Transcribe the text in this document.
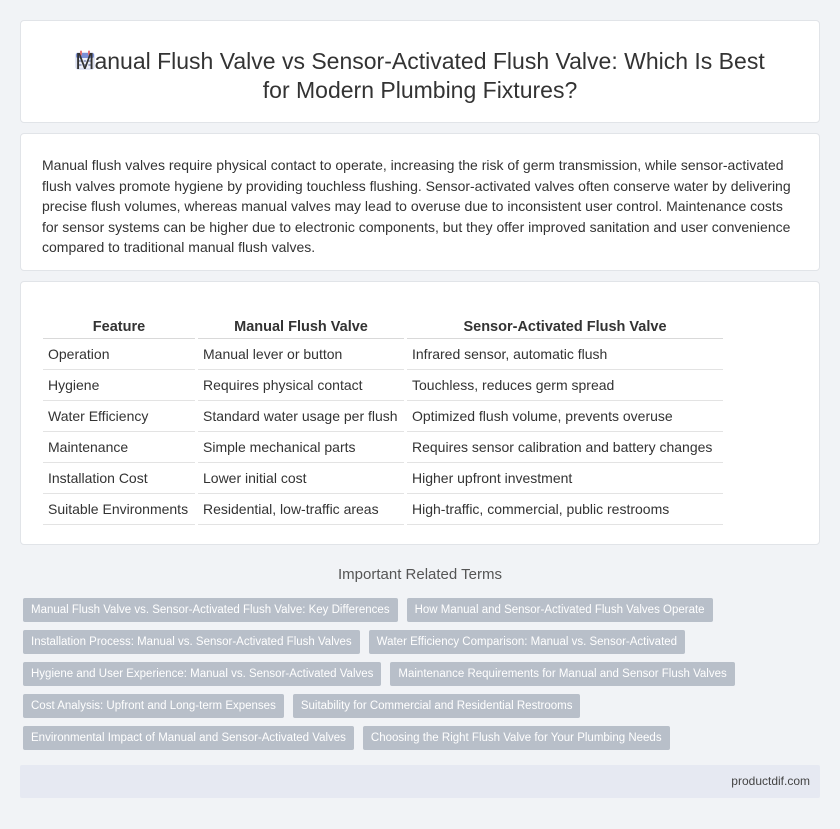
Manual Flush Valve vs Sensor-Activated Flush Valve: Which Is Best for Modern Plumbing Fixtures?

Manual flush valves require physical contact to operate, increasing the risk of germ transmission, while sensor-activated flush valves promote hygiene by providing touchless flushing. Sensor-activated valves often conserve water by delivering precise flush volumes, whereas manual valves may lead to overuse due to inconsistent user control. Maintenance costs for sensor systems can be higher due to electronic components, but they offer improved sanitation and user convenience compared to traditional manual flush valves.

Feature		Manual Flush Valve		Sensor-Activated Flush Valve
Operation		Manual lever or button		Infrared sensor, automatic flush
Hygiene		Requires physical contact		Touchless, reduces germ spread
Water Efficiency		Standard water usage per flush		Optimized flush volume, prevents overuse
Maintenance		Simple mechanical parts		Requires sensor calibration and battery changes
Installation Cost		Lower initial cost		Higher upfront investment
Suitable Environments		Residential, low-traffic areas		High-traffic, commercial, public restrooms
Important Related Terms
Manual Flush Valve vs. Sensor-Activated Flush Valve: Key Differences	How Manual and Sensor-Activated Flush Valves Operate
Installation Process: Manual vs. Sensor-Activated Flush Valves	Water Efficiency Comparison: Manual vs. Sensor-Activated
Hygiene and User Experience: Manual vs. Sensor-Activated Valves	Maintenance Requirements for Manual and Sensor Flush Valves
Cost Analysis: Upfront and Long-term Expenses	Suitability for Commercial and Residential Restrooms
Environmental Impact of Manual and Sensor-Activated Valves	Choosing the Right Flush Valve for Your Plumbing Needs
productdif.com
